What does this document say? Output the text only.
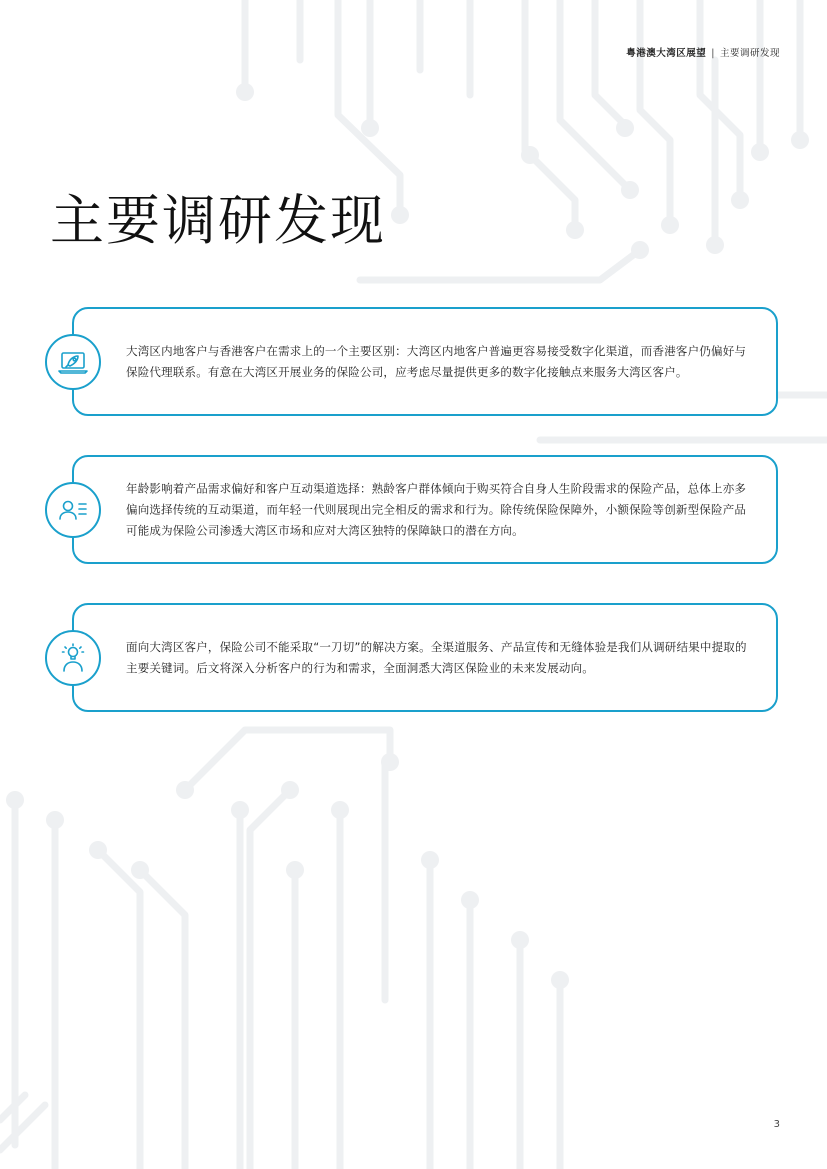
粤港澳大湾区展望 | 主要调研发现
主要调研发现
大湾区内地客户与香港客户在需求上的一个主要区别：大湾区内地客户普遍更容易接受数字化渠道，而香港客户仍偏好与保险代理联系。有意在大湾区开展业务的保险公司，应考虑尽量提供更多的数字化接触点来服务大湾区客户。
年龄影响着产品需求偏好和客户互动渠道选择：熟龄客户群体倾向于购买符合自身人生阶段需求的保险产品，总体上亦多偏向选择传统的互动渠道，而年轻一代则展现出完全相反的需求和行为。除传统保险保障外，小额保险等创新型保险产品可能成为保险公司渗透大湾区市场和应对大湾区独特的保障缺口的潜在方向。
面向大湾区客户，保险公司不能采取“一刀切”的解决方案。全渠道服务、产品宣传和无缝体验是我们从调研结果中提取的主要关键词。后文将深入分析客户的行为和需求，全面洞悉大湾区保险业的未来发展动向。
3
